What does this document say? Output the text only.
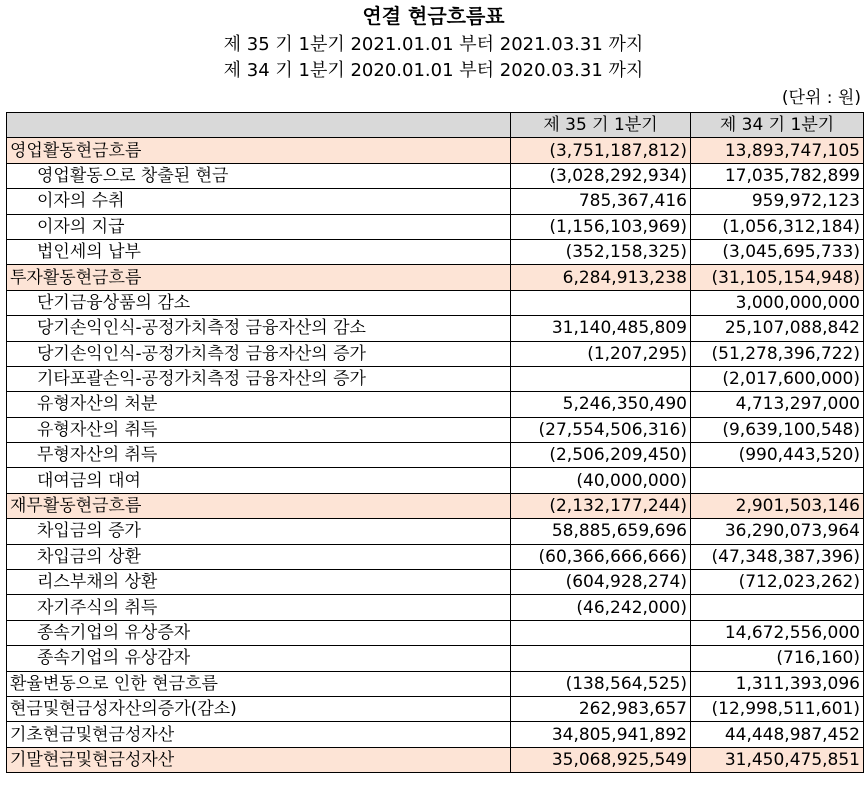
연결 현금흐름표
제 35 기 1분기 2021.01.01 부터 2021.03.31 까지
제 34 기 1분기 2020.01.01 부터 2020.03.31 까지
(단위 : 원)
	제 35 기 1분기	제 34 기 1분기
영업활동현금흐름	(3,751,187,812)	13,893,747,105
영업활동으로 창출된 현금	(3,028,292,934)	17,035,782,899
이자의 수취	785,367,416	959,972,123
이자의 지급	(1,156,103,969)	(1,056,312,184)
법인세의 납부	(352,158,325)	(3,045,695,733)
투자활동현금흐름	6,284,913,238	(31,105,154,948)
단기금융상품의 감소		3,000,000,000
당기손익인식-공정가치측정 금융자산의 감소	31,140,485,809	25,107,088,842
당기손익인식-공정가치측정 금융자산의 증가	(1,207,295)	(51,278,396,722)
기타포괄손익-공정가치측정 금융자산의 증가		(2,017,600,000)
유형자산의 처분	5,246,350,490	4,713,297,000
유형자산의 취득	(27,554,506,316)	(9,639,100,548)
무형자산의 취득	(2,506,209,450)	(990,443,520)
대여금의 대여	(40,000,000)	
재무활동현금흐름	(2,132,177,244)	2,901,503,146
차입금의 증가	58,885,659,696	36,290,073,964
차입금의 상환	(60,366,666,666)	(47,348,387,396)
리스부채의 상환	(604,928,274)	(712,023,262)
자기주식의 취득	(46,242,000)	
종속기업의 유상증자		14,672,556,000
종속기업의 유상감자		(716,160)
환율변동으로 인한 현금흐름	(138,564,525)	1,311,393,096
현금및현금성자산의증가(감소)	262,983,657	(12,998,511,601)
기초현금및현금성자산	34,805,941,892	44,448,987,452
기말현금및현금성자산	35,068,925,549	31,450,475,851
